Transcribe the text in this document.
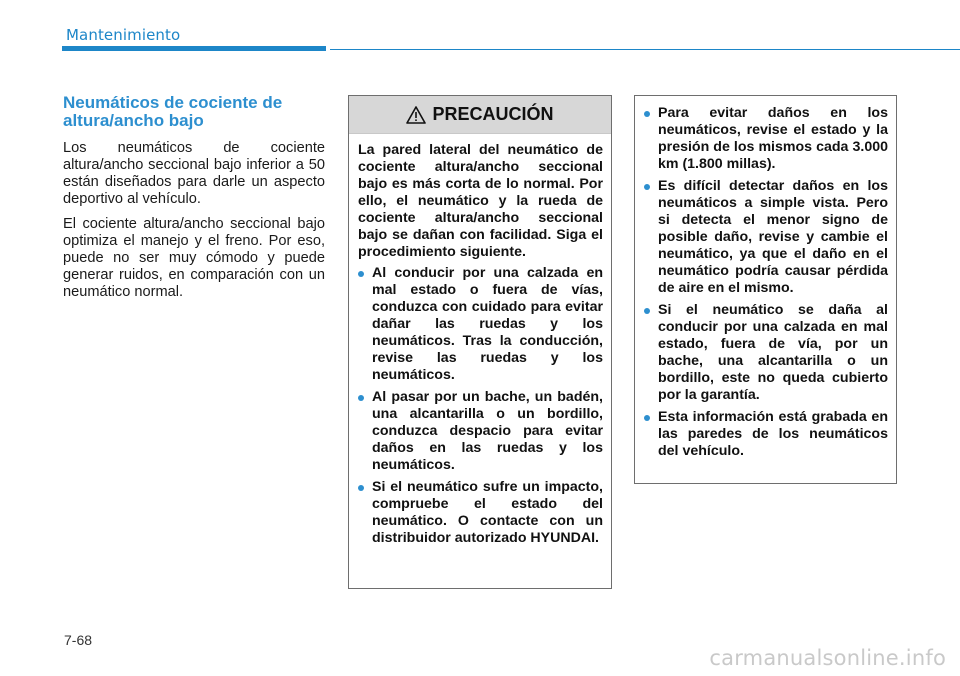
Mantenimiento
Neumáticos de cociente de altura/ancho bajo

Los neumáticos de cociente altura/ancho seccional bajo inferior a 50 están diseñados para darle un aspecto deportivo al vehículo.

El cociente altura/ancho seccional bajo optimiza el manejo y el freno. Por eso, puede no ser muy cómodo y puede generar ruidos, en comparación con un neumático normal.

PRECAUCIÓN

La pared lateral del neumático de cociente altura/ancho seccional bajo es más corta de lo normal. Por ello, el neumático y la rueda de cociente altura/ancho seccional bajo se dañan con facilidad. Siga el procedimiento siguiente.

Al conducir por una calzada en mal estado o fuera de vías, conduzca con cuidado para evitar dañar las ruedas y los neumáticos. Tras la conducción, revise las ruedas y los neumáticos.
Al pasar por un bache, un badén, una alcantarilla o un bordillo, conduzca despacio para evitar daños en las ruedas y los neumáticos.
Si el neumático sufre un impacto, compruebe el estado del neumático. O contacte con un distribuidor autorizado HYUNDAI.
Para evitar daños en los neumáticos, revise el estado y la presión de los mismos cada 3.000 km (1.800 millas).
Es difícil detectar daños en los neumáticos a simple vista. Pero si detecta el menor signo de posible daño, revise y cambie el neumático, ya que el daño en el neumático podría causar pérdida de aire en el mismo.
Si el neumático se daña al conducir por una calzada en mal estado, fuera de vía, por un bache, una alcantarilla o un bordillo, este no queda cubierto por la garantía.
Esta información está grabada en las paredes de los neumáticos del vehículo.
7-68
carmanualsonline.info
